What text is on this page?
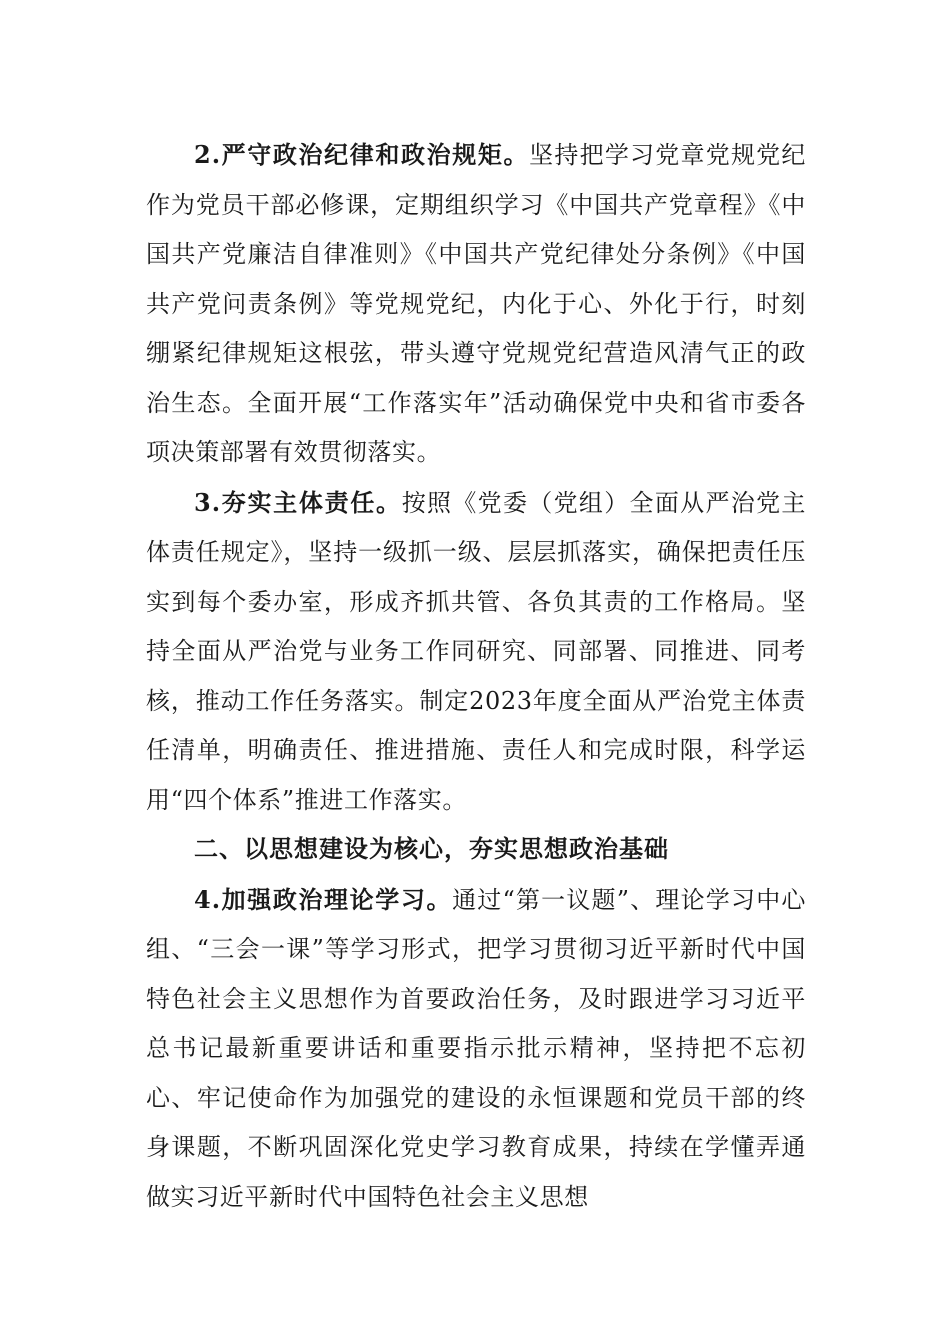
2.严守政治纪律和政治规矩。坚持把学习党章党规党纪作为党员干部必修课，定期组织学习《中国共产党章程》《中国共产党廉洁自律准则》《中国共产党纪律处分条例》《中国共产党问责条例》等党规党纪，内化于心、外化于行，时刻绷紧纪律规矩这根弦，带头遵守党规党纪营造风清气正的政治生态。全面开展“工作落实年”活动确保党中央和省市委各项决策部署有效贯彻落实。

3.夯实主体责任。按照《党委（党组）全面从严治党主体责任规定》，坚持一级抓一级、层层抓落实，确保把责任压实到每个委办室，形成齐抓共管、各负其责的工作格局。坚持全面从严治党与业务工作同研究、同部署、同推进、同考核，推动工作任务落实。制定2023年度全面从严治党主体责任清单，明确责任、推进措施、责任人和完成时限，科学运用“四个体系”推进工作落实。

二、以思想建设为核心，夯实思想政治基础

4.加强政治理论学习。通过“第一议题”、理论学习中心组、“三会一课”等学习形式，把学习贯彻习近平新时代中国特色社会主义思想作为首要政治任务，及时跟进学习习近平总书记最新重要讲话和重要指示批示精神，坚持把不忘初心、牢记使命作为加强党的建设的永恒课题和党员干部的终身课题，不断巩固深化党史学习教育成果，持续在学懂弄通做实习近平新时代中国特色社会主义思想
